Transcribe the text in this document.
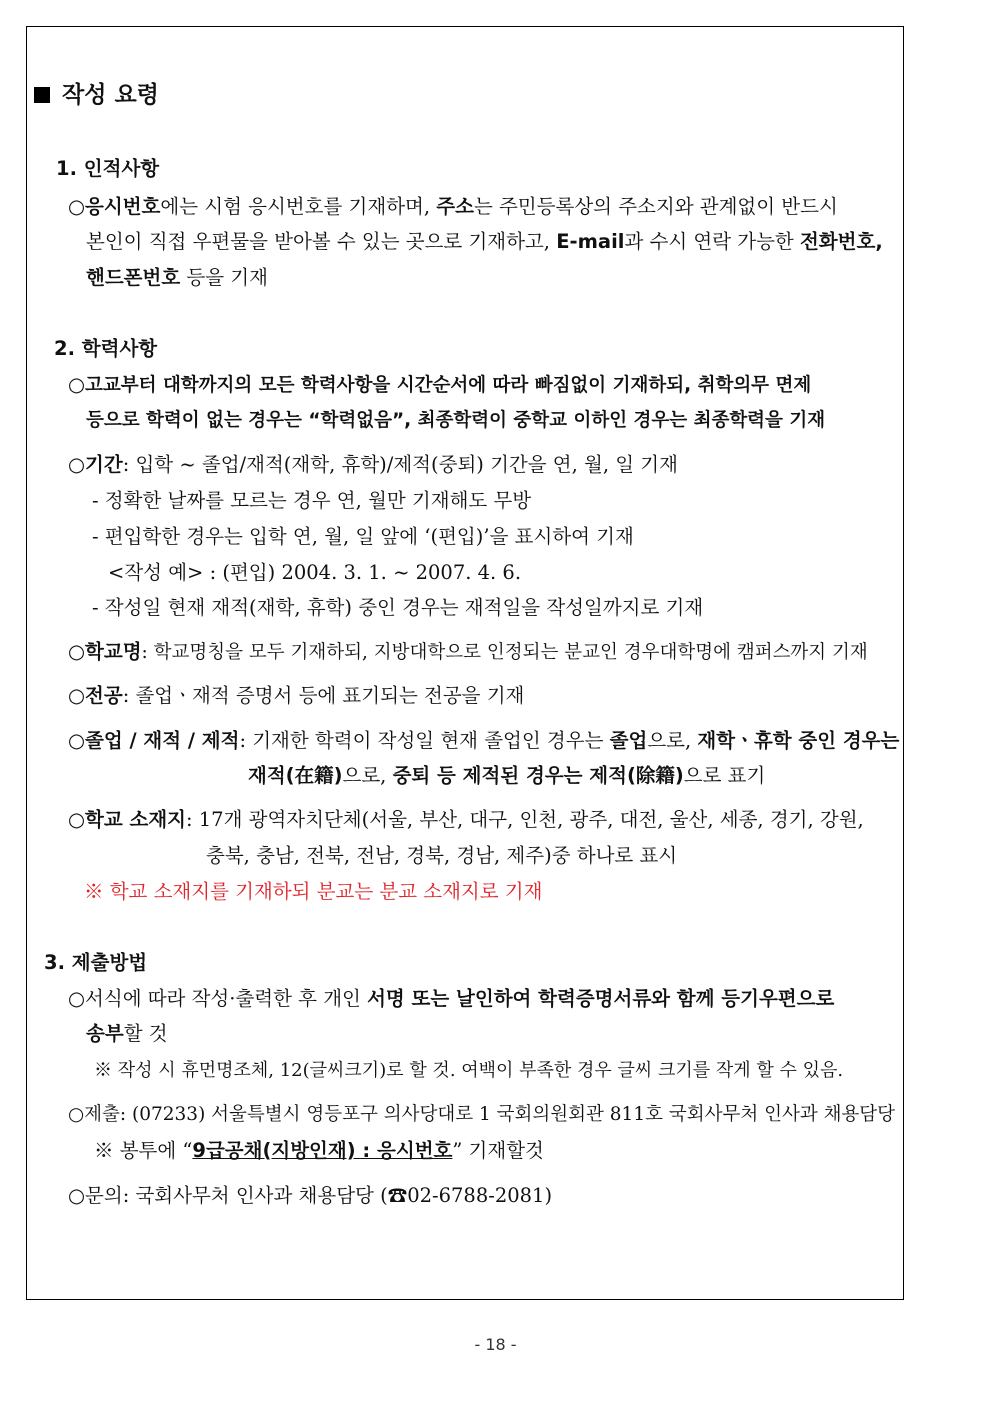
작성 요령
1. 인적사항
○응시번호에는 시험 응시번호를 기재하며, 주소는 주민등록상의 주소지와 관계없이 반드시
본인이 직접 우편물을 받아볼 수 있는 곳으로 기재하고, E-mail과 수시 연락 가능한 전화번호,
핸드폰번호 등을 기재
2. 학력사항
○고교부터 대학까지의 모든 학력사항을 시간순서에 따라 빠짐없이 기재하되, 취학의무 면제
등으로 학력이 없는 경우는 “학력없음”, 최종학력이 중학교 이하인 경우는 최종학력을 기재
○기간: 입학 ~ 졸업/재적(재학, 휴학)/제적(중퇴) 기간을 연, 월, 일 기재
- 정확한 날짜를 모르는 경우 연, 월만 기재해도 무방
- 편입학한 경우는 입학 연, 월, 일 앞에 ‘(편입)’을 표시하여 기재
<작성 예> : (편입) 2004. 3. 1. ~ 2007. 4. 6.
- 작성일 현재 재적(재학, 휴학) 중인 경우는 재적일을 작성일까지로 기재
○학교명: 학교명칭을 모두 기재하되, 지방대학으로 인정되는 분교인 경우대학명에 캠퍼스까지 기재
○전공: 졸업ㆍ재적 증명서 등에 표기되는 전공을 기재
○졸업 / 재적 / 제적: 기재한 학력이 작성일 현재 졸업인 경우는 졸업으로, 재학ㆍ휴학 중인 경우는
재적(在籍)으로, 중퇴 등 제적된 경우는 제적(除籍)으로 표기
○학교 소재지: 17개 광역자치단체(서울, 부산, 대구, 인천, 광주, 대전, 울산, 세종, 경기, 강원,
충북, 충남, 전북, 전남, 경북, 경남, 제주)중 하나로 표시
※ 학교 소재지를 기재하되 분교는 분교 소재지로 기재
3. 제출방법
○서식에 따라 작성·출력한 후 개인 서명 또는 날인하여 학력증명서류와 함께 등기우편으로
송부할 것
※ 작성 시 휴먼명조체, 12(글씨크기)로 할 것. 여백이 부족한 경우 글씨 크기를 작게 할 수 있음.
○제출: (07233) 서울특별시 영등포구 의사당대로 1 국회의원회관 811호 국회사무처 인사과 채용담당
※ 봉투에 “9급공채(지방인재) : 응시번호” 기재할것
○문의: 국회사무처 인사과 채용담당 (☎02-6788-2081)
- 18 -
